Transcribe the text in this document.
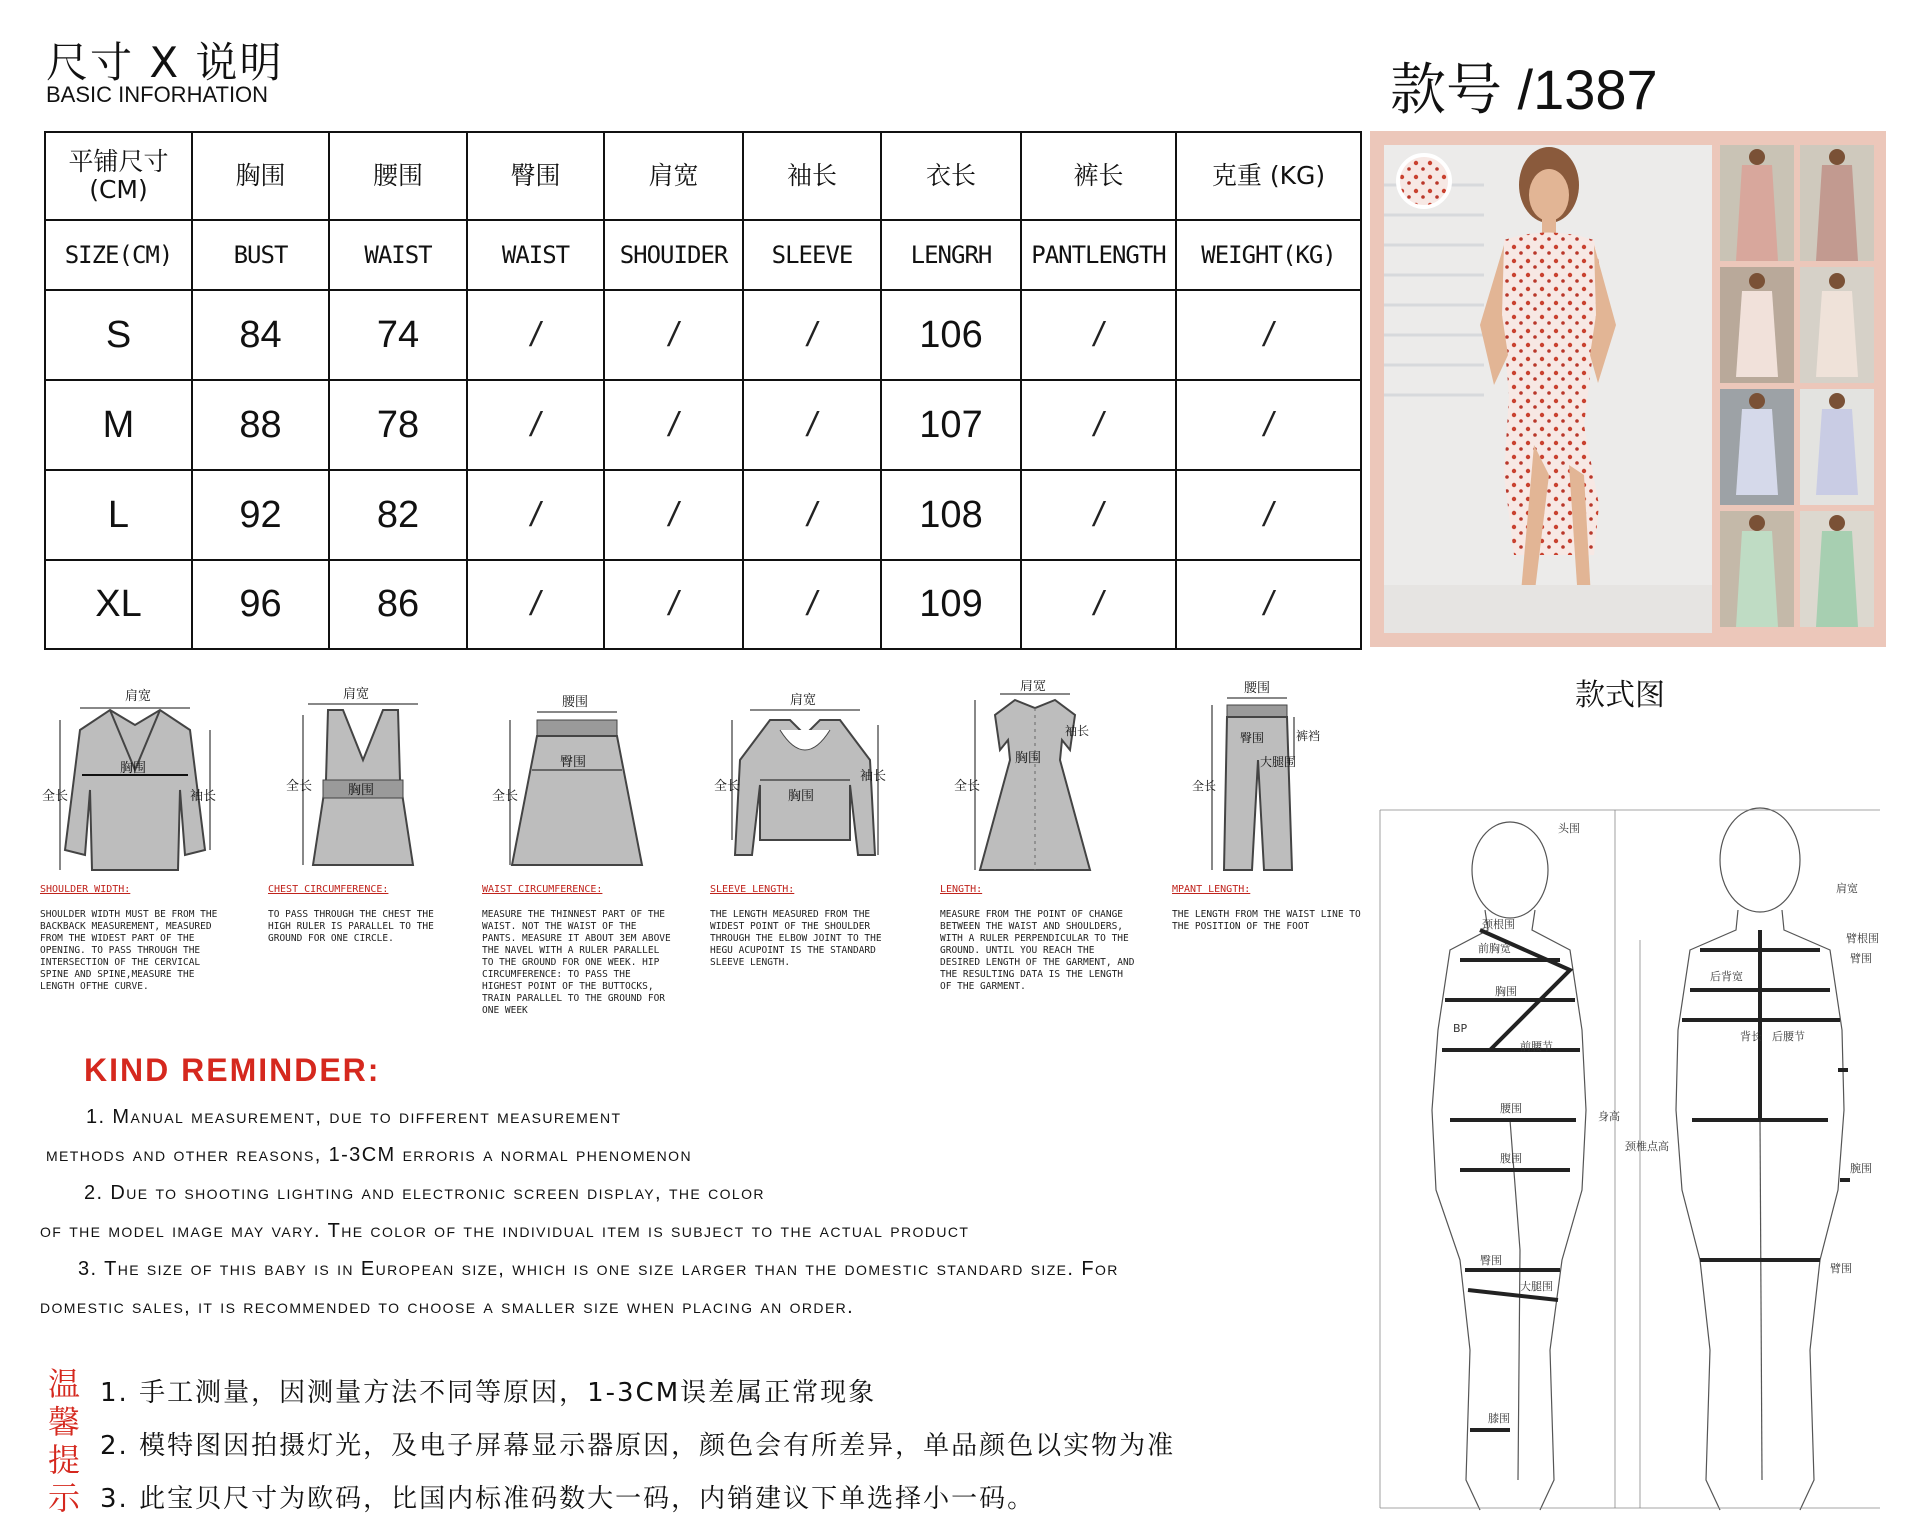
尺寸 X 说明
BASIC INFORHATION	款号 /1387
平铺尺寸
(CM)	胸围	腰围	臀围	肩宽	袖长	衣长	裤长	克重 (KG)
SIZE(CM)	BUST	WAIST	WAIST	SHOUIDER	SLEEVE	LENGRH	PANTLENGTH	WEIGHT(KG)
S	84	74	/	/	/	106	/	/
M	88	78	/	/	/	107	/	/
L	92	82	/	/	/	108	/	/
XL	96	86	/	/	/	109	/	/
款式图
肩宽
胸围
全长	袖长
SHOULDER WIDTH:
SHOULDER WIDTH MUST BE FROM THE BACKBACK MEASUREMENT, MEASURED FROM THE WIDEST PART OF THE OPENING. TO PASS THROUGH THE INTERSECTION OF THE CERVICAL SPINE AND SPINE,MEASURE THE LENGTH OFTHE CURVE.
肩宽
胸围
全长
CHEST CIRCUMFERENCE:
TO PASS THROUGH THE CHEST THE HIGH RULER IS PARALLEL TO THE GROUND FOR ONE CIRCLE.
腰围
臀围
全长
WAIST CIRCUMFERENCE:
MEASURE THE THINNEST PART OF THE WAIST. NOT THE WAIST OF THE PANTS. MEASURE IT ABOUT 3EM ABOVE THE NAVEL WITH A RULER PARALLEL TO THE GROUND FOR ONE WEEK. HIP CIRCUMFERENCE: TO PASS THE HIGHEST POINT OF THE BUTTOCKS, TRAIN PARALLEL TO THE GROUND FOR ONE WEEK
肩宽
胸围
全长
袖长
SLEEVE LENGTH:
THE LENGTH MEASURED FROM THE WIDEST POINT OF THE SHOULDER THROUGH THE ELBOW JOINT TO THE HEGU ACUPOINT IS THE STANDARD SLEEVE LENGTH.
肩宽
胸围
全长
袖长
LENGTH:
MEASURE FROM THE POINT OF CHANGE BETWEEN THE WAIST AND SHOULDERS, WITH A RULER PERPENDICULAR TO THE GROUND. UNTIL YOU REACH THE DESIRED LENGTH OF THE GARMENT, AND THE RESULTING DATA IS THE LENGTH OF THE GARMENT.
腰围
裤裆
臀围
大腿围
全长
MPANT LENGTH:
THE LENGTH FROM THE WAIST LINE TO THE POSITION OF THE FOOT
KIND REMINDER:
1. Manual measurement, due to different measurement
methods and other reasons, 1-3CM erroris a normal phenomenon
2. Due to shooting lighting and electronic screen display, the color
of the model image may vary. The color of the individual item is subject to the actual product
3. The size of this baby is in European size, which is one size larger than the domestic standard size. For
domestic sales, it is recommended to choose a smaller size when placing an order.
温
馨
提
示
1. 手工测量，因测量方法不同等原因，1-3CM误差属正常现象
2. 模特图因拍摄灯光，及电子屏幕显示器原因，颜色会有所差异，单品颜色以实物为准
3. 此宝贝尺寸为欧码，比国内标准码数大一码，内销建议下单选择小一码。
头围
颈根围
前胸宽
胸围
BP
前腰节
腰围
腹围
臀围
大腿围
膝围
身高
颈椎点高
肩宽
臂根围
臂围
后背宽
背长 后腰节
腕围
臂围
